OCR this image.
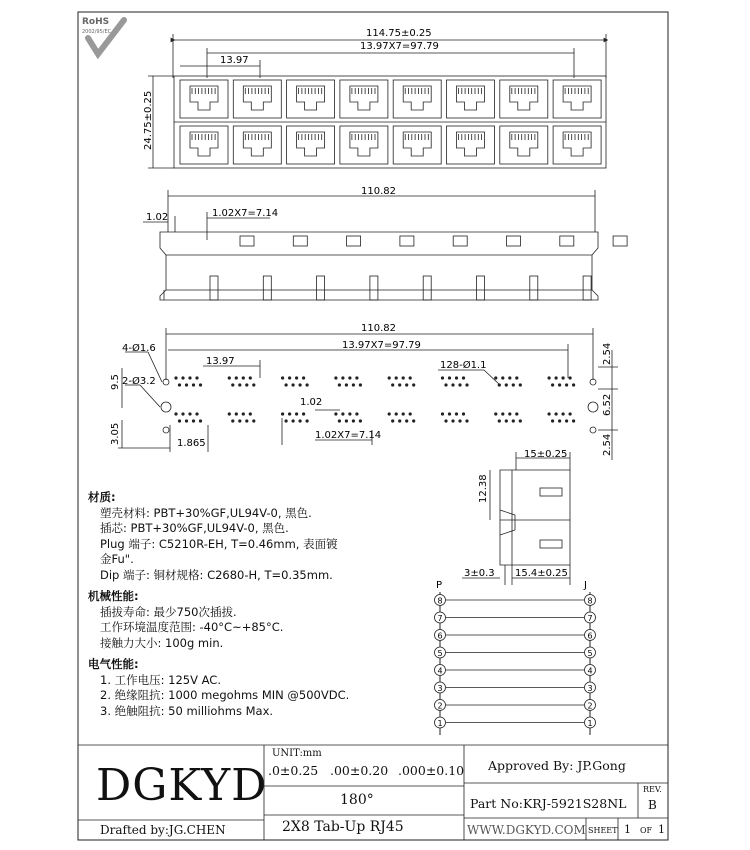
RoHS
2002/95/EC	114.75±0.25
13.97X7=97.79
13.97
24.75±0.25
110.82
1.02	1.02X7=7.14
110.82
13.97X7=97.79
13.97
4-Ø1.6
2-Ø3.2
128-Ø1.1
9.5
3.05	1.865
1.02
1.02X7=7.14
2.54
6.52
2.54
15±0.25
12.38
3±0.3 15.4±0.25
P	J
8	8
7	7
6	6
5	5
4	4
3	3
2	2
1	1
材质:
塑壳材料: PBT+30%GF,UL94V-0, 黑色.
插芯: PBT+30%GF,UL94V-0, 黑色.
Plug 端子: C5210R-EH, T=0.46mm, 表面镀
金Fu".
Dip 端子: 铜材规格: C2680-H, T=0.35mm.
机械性能:
插拔寿命: 最少750次插拔.
工作环境温度范围: -40°C~+85°C.
接触力大小: 100g min.
电气性能:
1. 工作电压: 125V AC.
2. 绝缘阻抗: 1000 megohms MIN @500VDC.
3. 绝触阻抗: 50 milliohms Max.
DGKYD
Drafted by:JG.CHEN
UNIT:mm
.0±0.25 .00±0.20 .000±0.10
180°
2X8 Tab-Up RJ45
Approved By: JP.Gong
Part No:KRJ-5921S28NL
REV.
B
WWW.DGKYD.COM SHEET 1 OF 1
